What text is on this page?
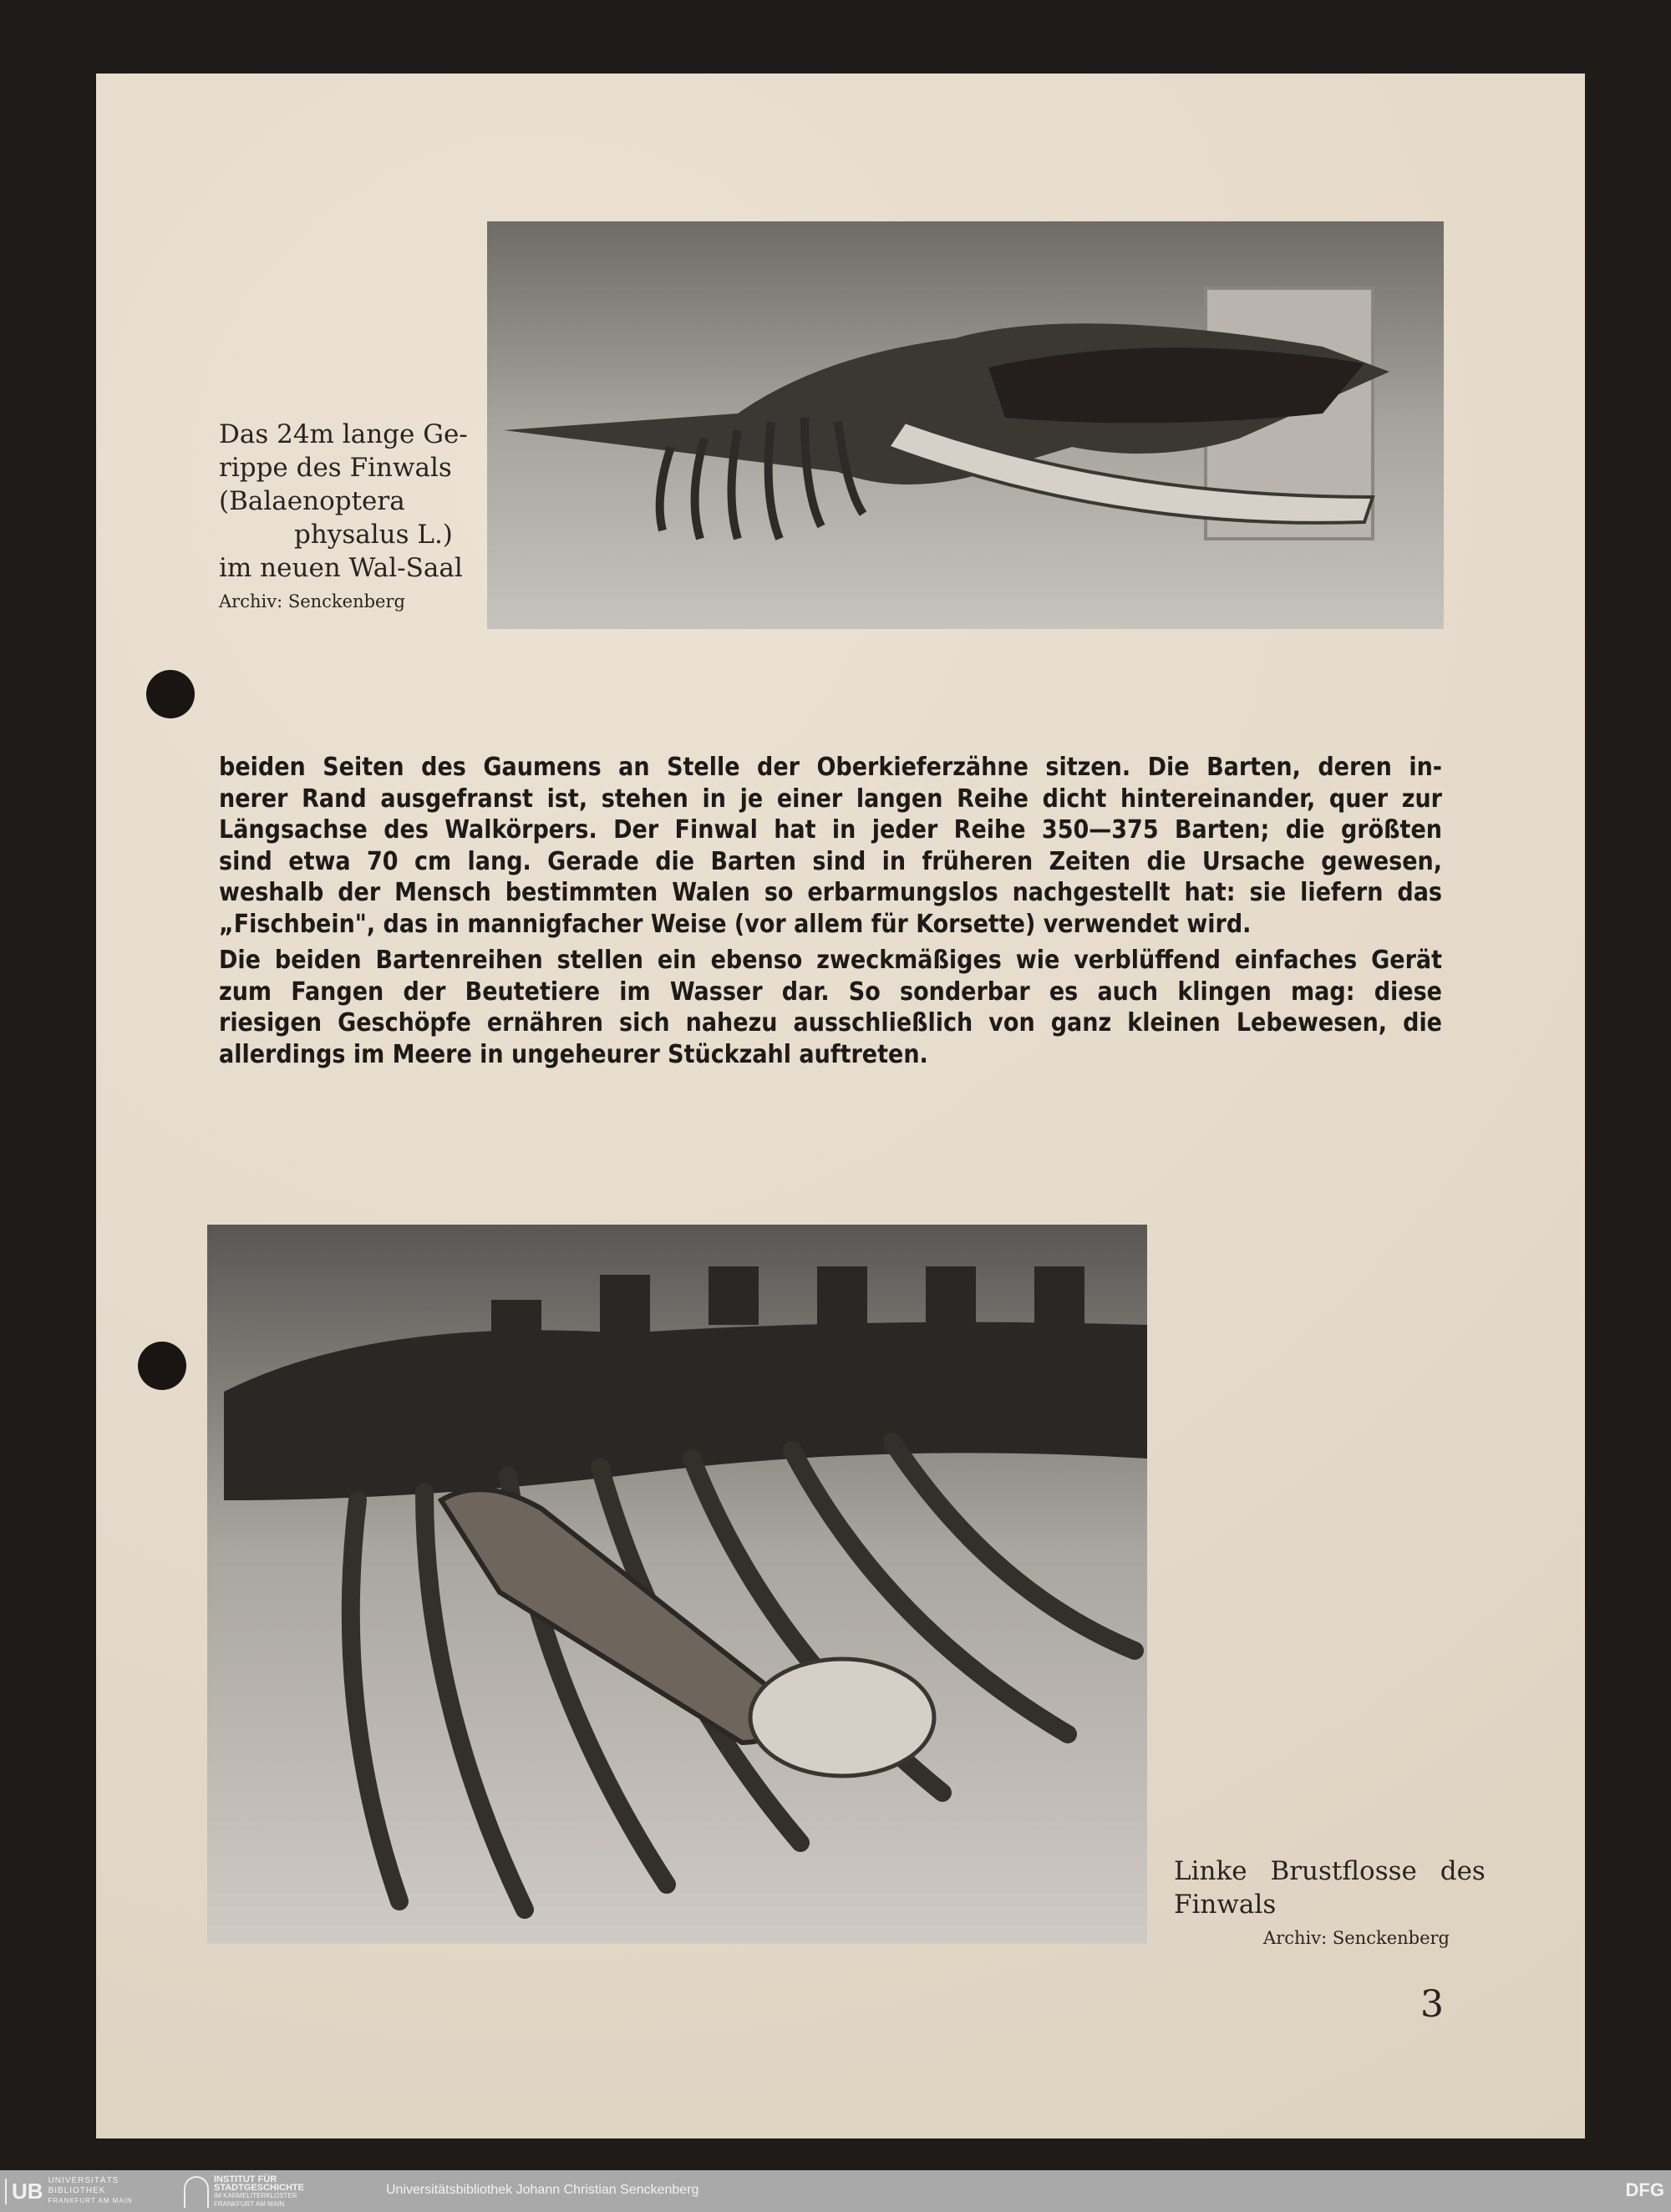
Das 24m lange Ge-
rippe des Finwals
(Balaenoptera
physalus L.)
im neuen Wal-Saal
Archiv: Senckenberg
beiden Seiten des Gaumens an Stelle der Oberkieferzähne sitzen. Die Barten, deren in-
nerer Rand ausgefranst ist, stehen in je einer langen Reihe dicht hintereinander, quer zur
Längsachse des Walkörpers. Der Finwal hat in jeder Reihe 350—375 Barten; die größten
sind etwa 70 cm lang. Gerade die Barten sind in früheren Zeiten die Ursache gewesen,
weshalb der Mensch bestimmten Walen so erbarmungslos nachgestellt hat: sie liefern das
„Fischbein", das in mannigfacher Weise (vor allem für Korsette) verwendet wird.
Die beiden Bartenreihen stellen ein ebenso zweckmäßiges wie verblüffend einfaches Gerät
zum Fangen der Beutetiere im Wasser dar. So sonderbar es auch klingen mag: diese
riesigen Geschöpfe ernähren sich nahezu ausschließlich von ganz kleinen Lebewesen, die
allerdings im Meere in ungeheurer Stückzahl auftreten.
Linke Brustflosse des
Finwals
Archiv: Senckenberg
3
UB UNIVERSITÄTS
BIBLIOTHEK
FRANKFURT AM MAIN
INSTITUT FÜR
STADTGESCHICHTE
IM KARMELITERKLOSTER
FRANKFURT AM MAIN
Universitätsbibliothek Johann Christian Senckenberg	DFG
